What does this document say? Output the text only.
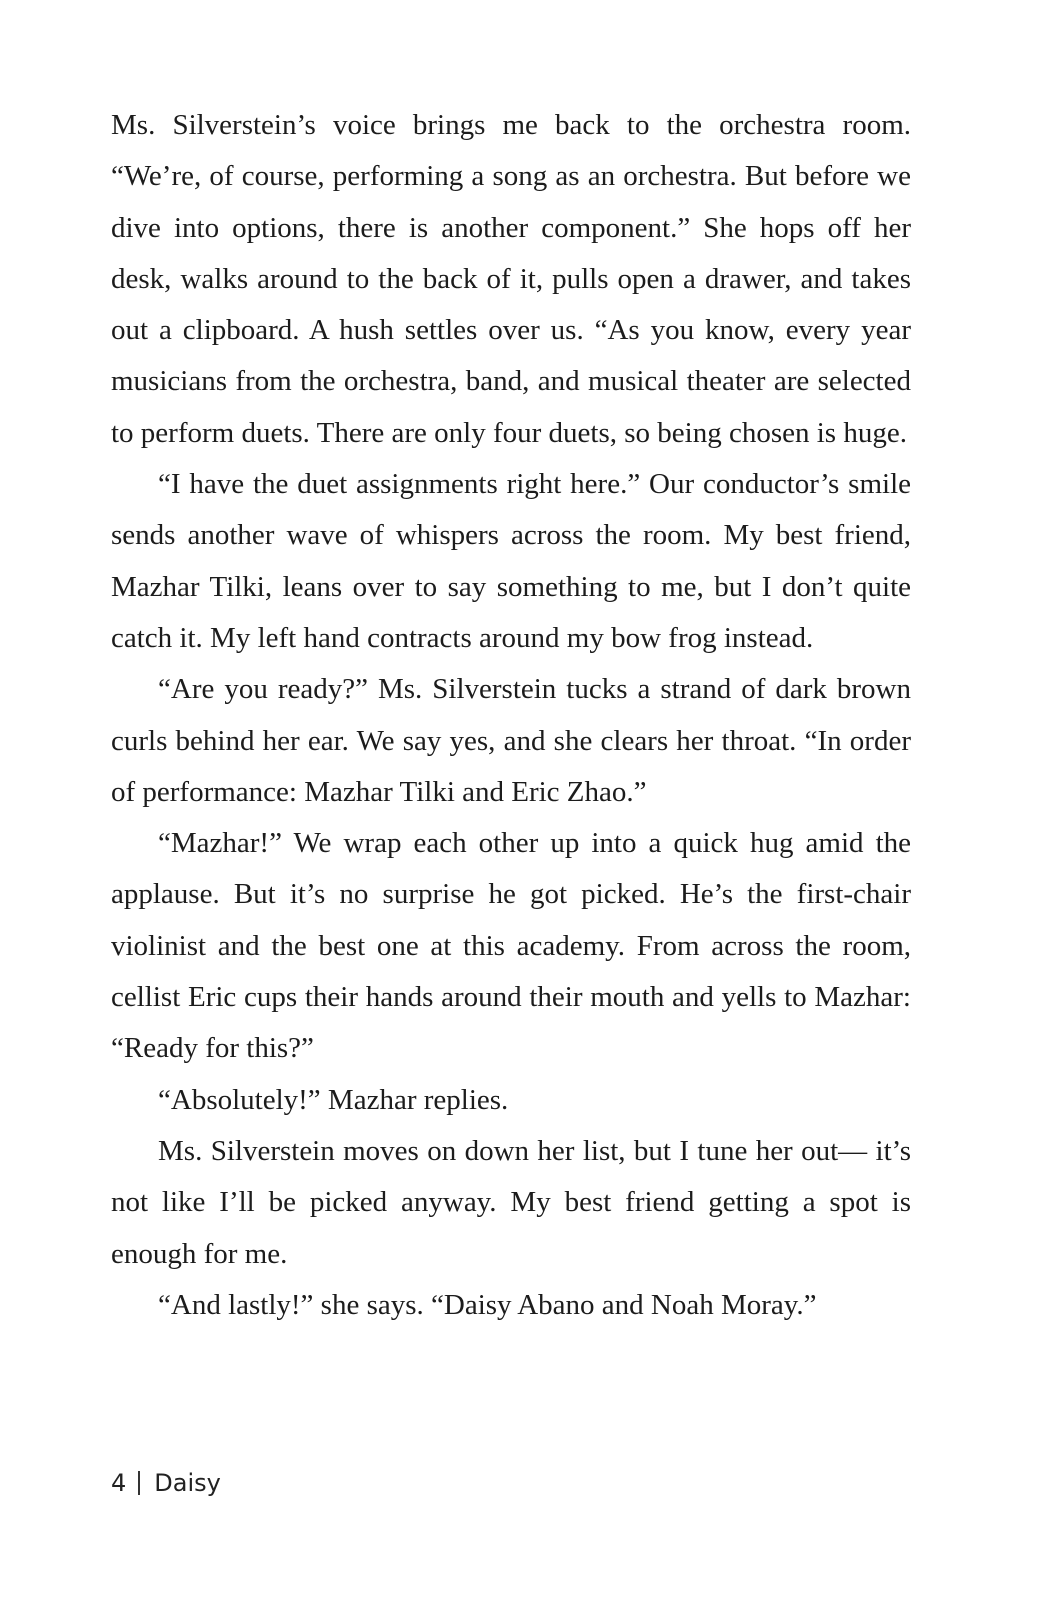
Ms. Silverstein’s voice brings me back to the orchestra room. “We’re, of course, performing a song as an orchestra. But before we dive into options, there is another component.” She hops off her desk, walks around to the back of it, pulls open a drawer, and takes out a clipboard. A hush settles over us. “As you know, every year musicians from the orchestra, band, and musical theater are selected to perform duets. There are only four duets, so being chosen is huge.

“I have the duet assignments right here.” Our conductor’s smile sends another wave of whispers across the room. My best friend, Mazhar Tilki, leans over to say something to me, but I don’t quite catch it. My left hand contracts around my bow frog instead.

“Are you ready?” Ms. Silverstein tucks a strand of dark brown curls behind her ear. We say yes, and she clears her throat. “In order of performance: Mazhar Tilki and Eric Zhao.”

“Mazhar!” We wrap each other up into a quick hug amid the applause. But it’s no surprise he got picked. He’s the first-chair violinist and the best one at this academy. From across the room, cellist Eric cups their hands around their mouth and yells to Mazhar: “Ready for this?”

“Absolutely!” Mazhar replies.

Ms. Silverstein moves on down her list, but I tune her out— it’s not like I’ll be picked anyway. My best friend getting a spot is enough for me.

“And lastly!” she says. “Daisy Abano and Noah Moray.”

4 Daisy
